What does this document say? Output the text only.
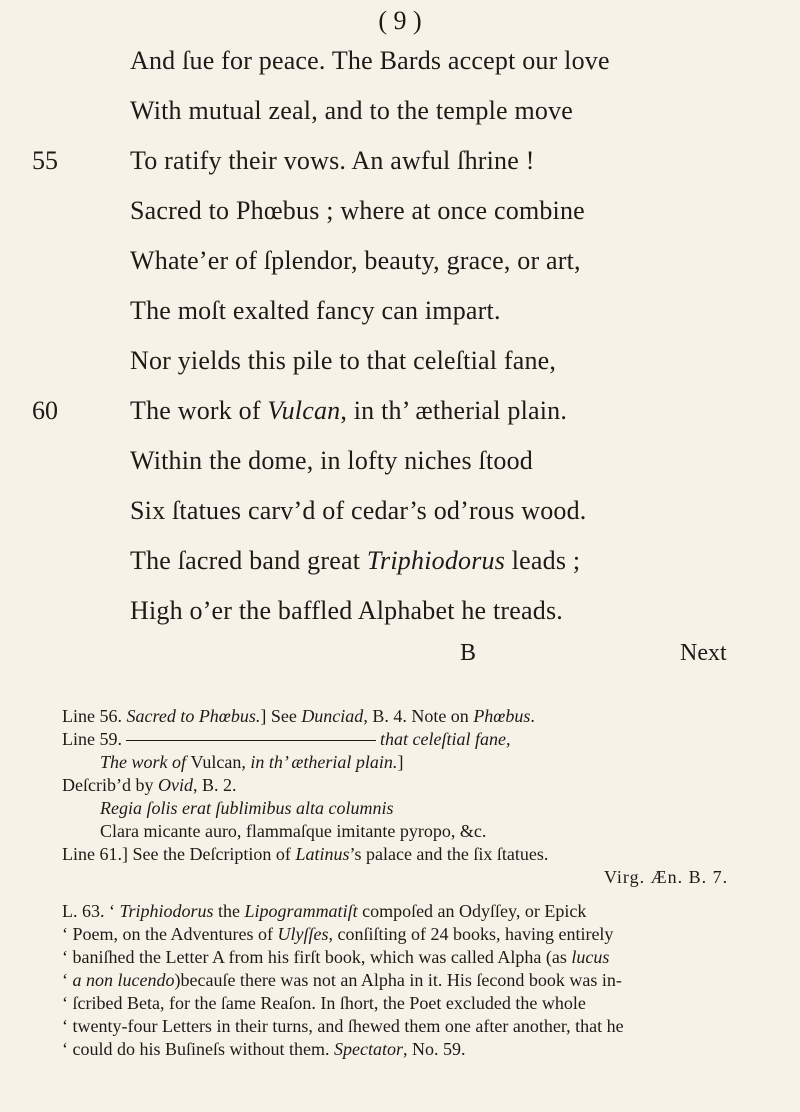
( 9 )
And ſue for peace. The Bards accept our love
With mutual zeal, and to the temple move
55	To ratify their vows. An awful ſhrine !
Sacred to Phœbus ; where at once combine
Whate’er of ſplendor, beauty, grace, or art,
The moſt exalted fancy can impart.
Nor yields this pile to that celeſtial fane,
60	The work of Vulcan, in th’ ætherial plain.
Within the dome, in lofty niches ſtood
Six ſtatues carv’d of cedar’s od’rous wood.
The ſacred band great Triphiodorus leads ;
High o’er the baffled Alphabet he treads.
B	Next
Line 56. Sacred to Phœbus.] See Dunciad, B. 4. Note on Phœbus.
Line 59.	that celeſtial fane,
The work of Vulcan, in th’ ætherial plain.]
Deſcrib’d by Ovid, B. 2.
Regia ſolis erat ſublimibus alta columnis
Clara micante auro, flammaſque imitante pyropo, &c.
Line 61.] See the Deſcription of Latinus’s palace and the ſix ſtatues.
Virg. Æn. B. 7.
L. 63. ‘ Triphiodorus the Lipogrammatiſt compoſed an Odyſſey, or Epick
‘ Poem, on the Adventures of Ulyſſes, conſiſting of 24 books, having entirely
‘ baniſhed the Letter A from his firſt book, which was called Alpha (as lucus
‘ a non lucendo)becauſe there was not an Alpha in it. His ſecond book was in-
‘ ſcribed Beta, for the ſame Reaſon. In ſhort, the Poet excluded the whole
‘ twenty-four Letters in their turns, and ſhewed them one after another, that he
‘ could do his Buſineſs without them. Spectator, No. 59.
